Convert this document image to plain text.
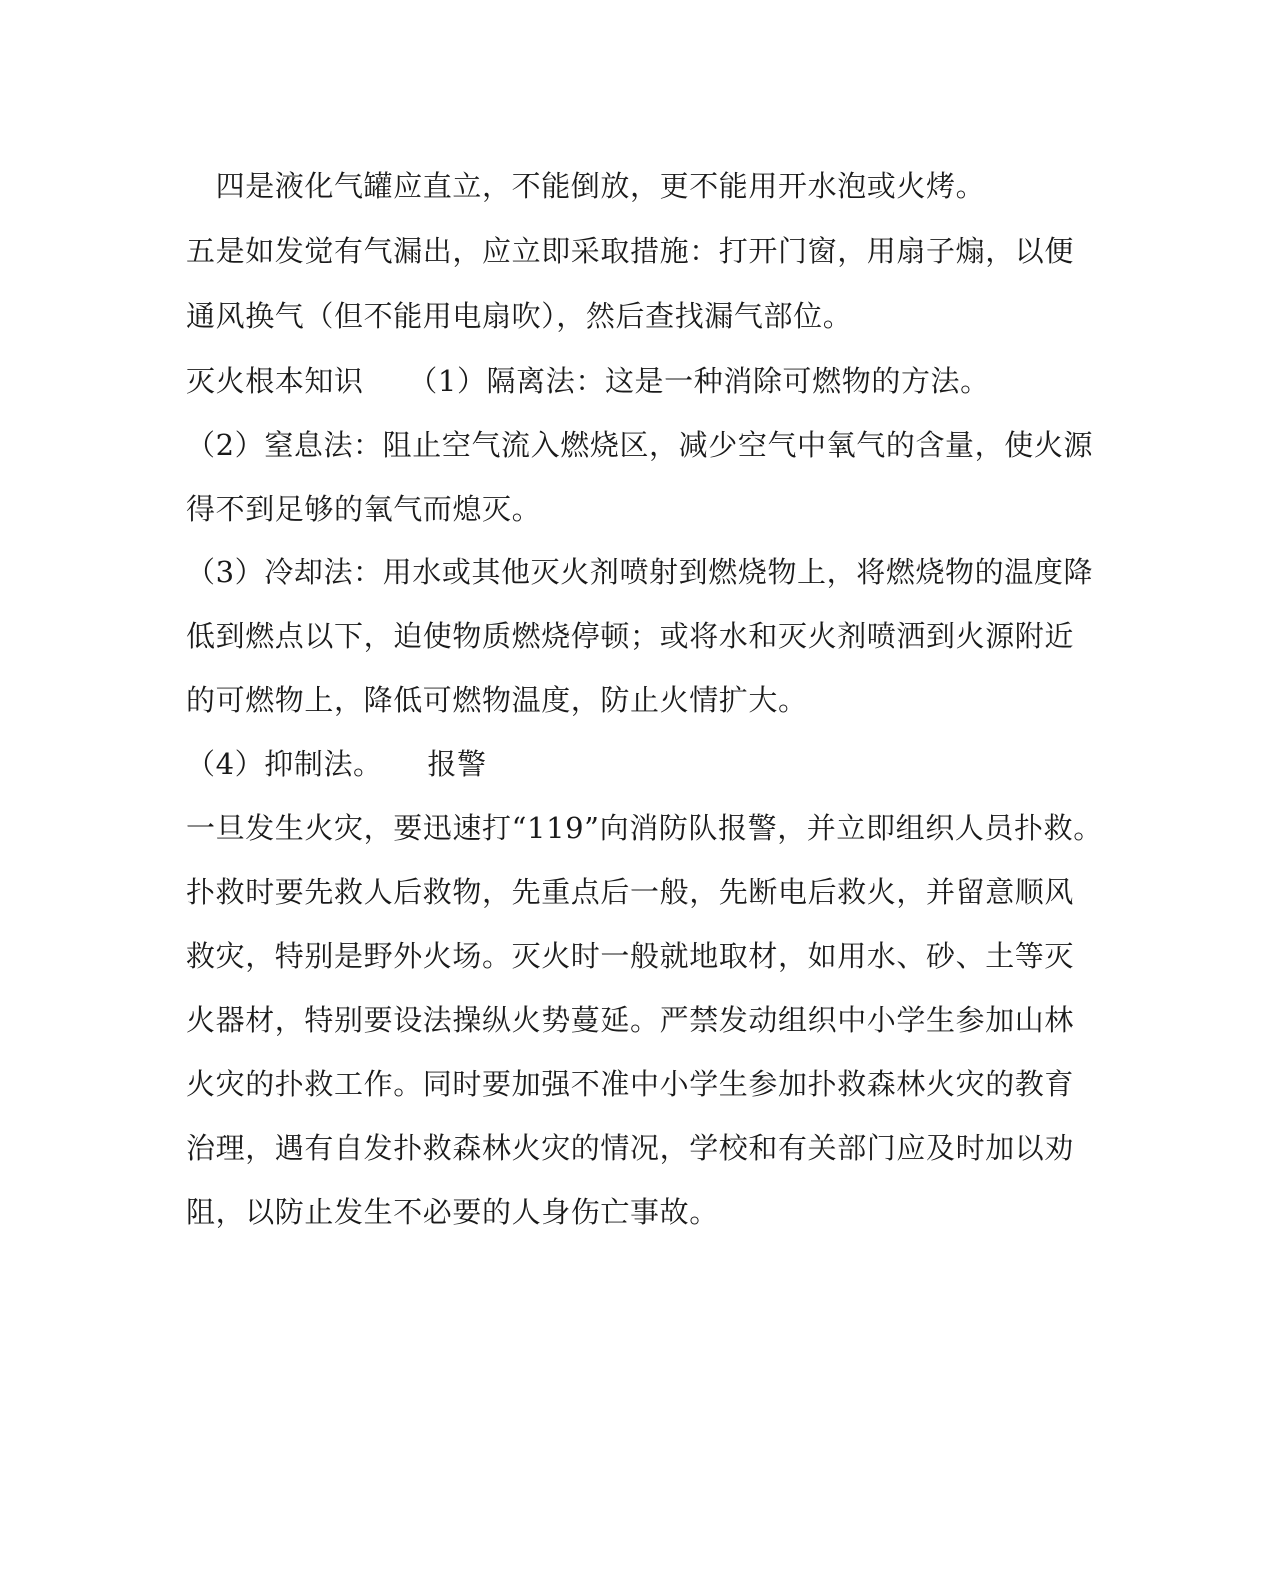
　四是液化气罐应直立，不能倒放，更不能用开水泡或火烤。
五是如发觉有气漏出，应立即采取措施：打开门窗，用扇子煽，以便
通风换气（但不能用电扇吹），然后查找漏气部位。
灭火根本知识　　（1）隔离法：这是一种消除可燃物的方法。
（2）窒息法：阻止空气流入燃烧区，减少空气中氧气的含量，使火源
得不到足够的氧气而熄灭。
（3）冷却法：用水或其他灭火剂喷射到燃烧物上，将燃烧物的温度降
低到燃点以下，迫使物质燃烧停顿；或将水和灭火剂喷洒到火源附近
的可燃物上，降低可燃物温度，防止火情扩大。
（4）抑制法。　　报警
一旦发生火灾，要迅速打“119”向消防队报警，并立即组织人员扑救。
扑救时要先救人后救物，先重点后一般，先断电后救火，并留意顺风
救灾，特别是野外火场。灭火时一般就地取材，如用水、砂、土等灭
火器材，特别要设法操纵火势蔓延。严禁发动组织中小学生参加山林
火灾的扑救工作。同时要加强不准中小学生参加扑救森林火灾的教育
治理，遇有自发扑救森林火灾的情况，学校和有关部门应及时加以劝
阻，以防止发生不必要的人身伤亡事故。
